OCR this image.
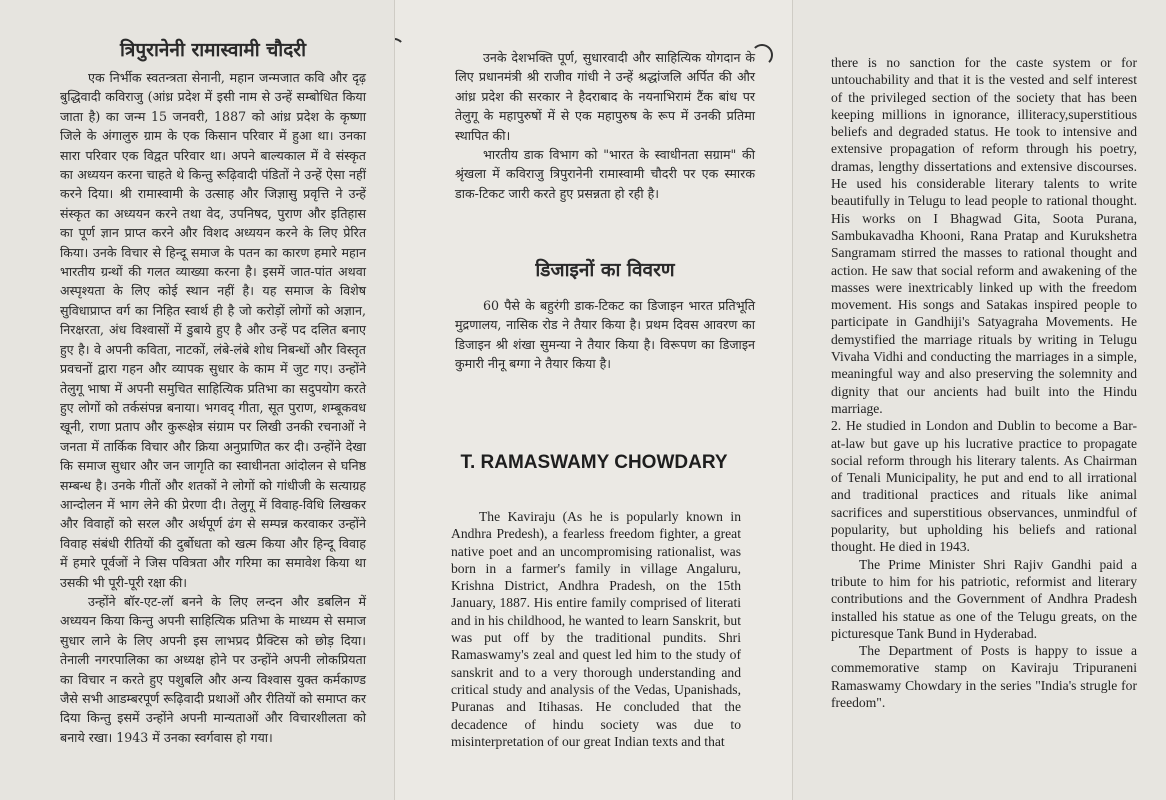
त्रिपुरानेनी रामास्वामी चौदरी

एक निर्भीक स्वतन्त्रता सेनानी, महान जन्मजात कवि और दृढ़ बुद्धिवादी कविराजु (आंध्र प्रदेश में इसी नाम से उन्हें सम्बोधित किया जाता है) का जन्म 15 जनवरी, 1887 को आंध्र प्रदेश के कृष्णा जिले के अंगालुरु ग्राम के एक किसान परिवार में हुआ था। उनका सारा परिवार एक विद्वत परिवार था। अपने बाल्यकाल में वे संस्कृत का अध्ययन करना चाहते थे किन्तु रूढ़िवादी पंडितों ने उन्हें ऐसा नहीं करने दिया। श्री रामास्वामी के उत्साह और जिज्ञासु प्रवृत्ति ने उन्हें संस्कृत का अध्ययन करने तथा वेद, उपनिषद, पुराण और इतिहास का पूर्ण ज्ञान प्राप्त करने और विशद अध्ययन करने के लिए प्रेरित किया। उनके विचार से हिन्दू समाज के पतन का कारण हमारे महान भारतीय ग्रन्थों की गलत व्याख्या करना है। इसमें जात-पांत अथवा अस्पृश्यता के लिए कोई स्थान नहीं है। यह समाज के विशेष सुविधाप्राप्त वर्ग का निहित स्वार्थ ही है जो करोड़ों लोगों को अज्ञान, निरक्षरता, अंध विश्वासों में डुबाये हुए है और उन्हें पद दलित बनाए हुए है। वे अपनी कविता, नाटकों, लंबे-लंबे शोध निबन्धों और विस्तृत प्रवचनों द्वारा गहन और व्यापक सुधार के काम में जुट गए। उन्होंने तेलुगू भाषा में अपनी समुचित साहित्यिक प्रतिभा का सदुपयोग करते हुए लोगों को तर्कसंपन्न बनाया। भगवद् गीता, सूत पुराण, शम्बूकवध खूनी, राणा प्रताप और कुरूक्षेत्र संग्राम पर लिखी उनकी रचनाओं ने जनता में तार्किक विचार और क्रिया अनुप्राणित कर दी। उन्होंने देखा कि समाज सुधार और जन जागृति का स्वाधीनता आंदोलन से घनिष्ठ सम्बन्ध है। उनके गीतों और शतकों ने लोगों को गांधीजी के सत्याग्रह आन्दोलन में भाग लेने की प्रेरणा दी। तेलुगू में विवाह-विधि लिखकर और विवाहों को सरल और अर्थपूर्ण ढंग से सम्पन्न करवाकर उन्होंने विवाह संबंधी रीतियों की दुर्बोधता को खत्म किया और हिन्दू विवाह में हमारे पूर्वजों ने जिस पवित्रता और गरिमा का समावेश किया था उसकी भी पूरी-पूरी रक्षा की।

उन्होंने बॉर-एट-लॉ बनने के लिए लन्दन और डबलिन में अध्ययन किया किन्तु अपनी साहित्यिक प्रतिभा के माध्यम से समाज सुधार लाने के लिए अपनी इस लाभप्रद प्रैक्टिस को छोड़ दिया। तेनाली नगरपालिका का अध्यक्ष होने पर उन्होंने अपनी लोकप्रियता का विचार न करते हुए पशुबलि और अन्य विश्वास युक्त कर्मकाण्ड जैसे सभी आडम्बरपूर्ण रूढ़िवादी प्रथाओं और रीतियों को समाप्त कर दिया किन्तु इसमें उन्होंने अपनी मान्यताओं और विचारशीलता को बनाये रखा। 1943 में उनका स्वर्गवास हो गया।

उनके देशभक्ति पूर्ण, सुधारवादी और साहित्यिक योगदान के लिए प्रधानमंत्री श्री राजीव गांधी ने उन्हें श्रद्धांजलि अर्पित की और आंध्र प्रदेश की सरकार ने हैदराबाद के नयनाभिरामं टैंक बांध पर तेलुगू के महापुरुषों में से एक महापुरुष के रूप में उनकी प्रतिमा स्थापित की।

भारतीय डाक विभाग को "भारत के स्वाधीनता सग्राम" की श्रृंखला में कविराजु त्रिपुरानेनी रामास्वामी चौदरी पर एक स्मारक डाक-टिकट जारी करते हुए प्रसन्नता हो रही है।

डिजाइनों का विवरण

60 पैसे के बहुरंगी डाक-टिकट का डिजाइन भारत प्रतिभूति मुद्रणालय, नासिक रोड ने तैयार किया है। प्रथम दिवस आवरण का डिजाइन श्री शंखा सुमन्या ने तैयार किया है। विरूपण का डिजाइन कुमारी नीनू बग्गा ने तैयार किया है।

T. RAMASWAMY CHOWDARY

The Kaviraju (As he is popularly known in Andhra Predesh), a fearless freedom fighter, a great native poet and an uncompromising rationalist, was born in a farmer's family in village Angaluru, Krishna District, Andhra Pradesh, on the 15th January, 1887. His entire family comprised of literati and in his childhood, he wanted to learn Sanskrit, but was put off by the traditional pundits. Shri Ramaswamy's zeal and quest led him to the study of sanskrit and to a very thorough understanding and critical study and analysis of the Vedas, Upanishads, Puranas and Itihasas. He concluded that the decadence of hindu society was due to misinterpretation of our great Indian texts and that

there is no sanction for the caste system or for untouchability and that it is the vested and self interest of the privileged section of the society that has been keeping millions in ignorance, illiteracy,superstitious beliefs and degraded status. He took to intensive and extensive propagation of reform through his poetry, dramas, lengthy dissertations and extensive discourses. He used his considerable literary talents to write beautifully in Telugu to lead people to rational thought. His works on I Bhagwad Gita, Soota Purana, Sambukavadha Khooni, Rana Pratap and Kurukshetra Sangramam stirred the masses to rational thought and action. He saw that social reform and awakening of the masses were inextricably linked up with the freedom movement. His songs and Satakas inspired people to participate in Gandhiji's Satyagraha Movements. He demystified the marriage rituals by writing in Telugu Vivaha Vidhi and conducting the marriages in a simple, meaningful way and also preserving the solemnity and dignity that our ancients had built into the Hindu marriage.

2. He studied in London and Dublin to become a Bar-at-law but gave up his lucrative practice to propagate social reform through his literary talents. As Chairman of Tenali Municipality, he put and end to all irrational and traditional practices and rituals like animal sacrifices and superstitious observances, unmindful of popularity, but upholding his beliefs and rational thought. He died in 1943.

The Prime Minister Shri Rajiv Gandhi paid a tribute to him for his patriotic, reformist and literary contributions and the Government of Andhra Pradesh installed his statue as one of the Telugu greats, on the picturesque Tank Bund in Hyderabad.

The Department of Posts is happy to issue a commemorative stamp on Kaviraju Tripuraneni Ramaswamy Chowdary in the series "India's strugle for freedom".
